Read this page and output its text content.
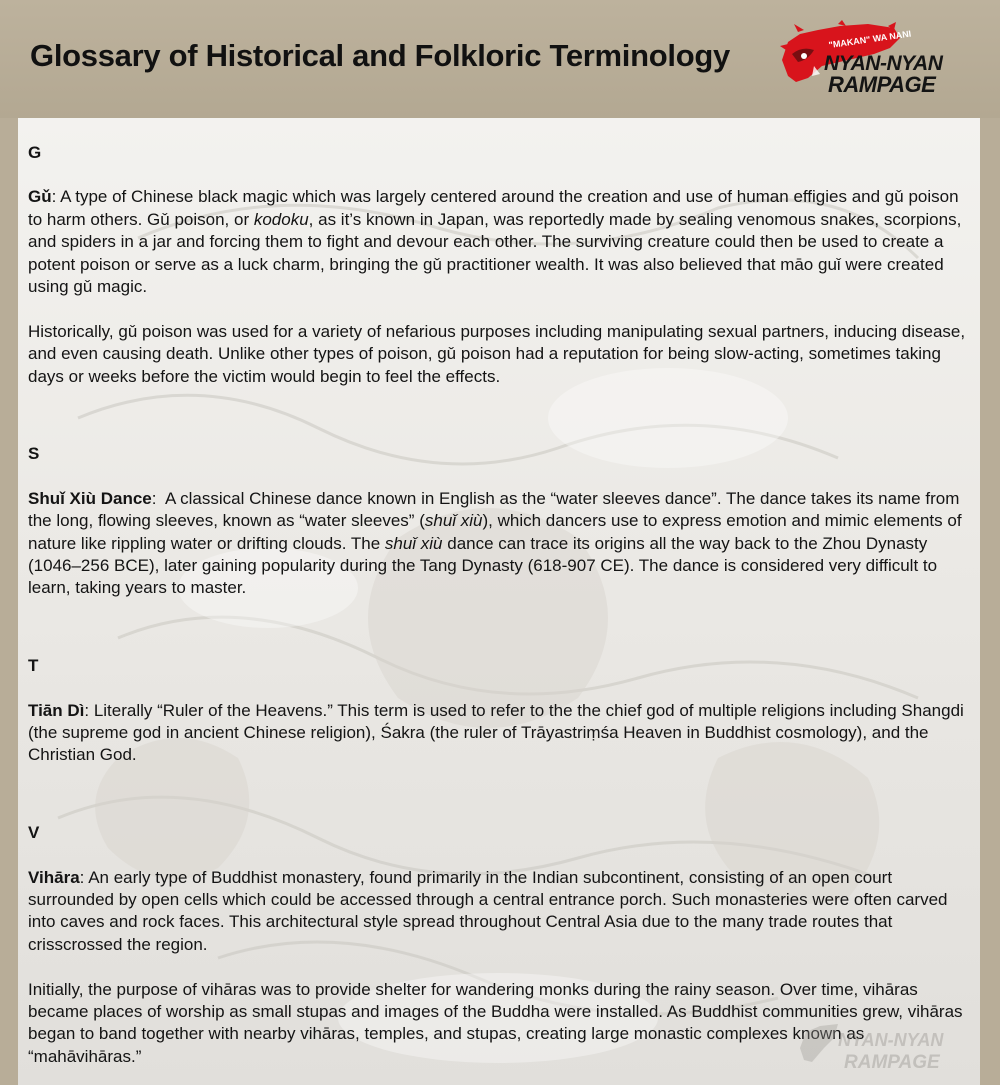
Glossary of Historical and Folkloric Terminology	"MAKAN" WA NANI
NYAN-NYAN
RAMPAGE
G

Gǔ: A type of Chinese black magic which was largely centered around the creation and use of human effigies and gǔ poison to harm others. Gǔ poison, or kodoku, as it’s known in Japan, was reportedly made by sealing venomous snakes, scorpions, and spiders in a jar and forcing them to fight and devour each other. The surviving creature could then be used to create a potent poison or serve as a luck charm, bringing the gǔ practitioner wealth. It was also believed that māo guǐ were created using gǔ magic.

Historically, gǔ poison was used for a variety of nefarious purposes including manipulating sexual partners, inducing disease, and even causing death. Unlike other types of poison, gǔ poison had a reputation for being slow-acting, sometimes taking days or weeks before the victim would begin to feel the effects.

S

Shuǐ Xiù Dance:  A classical Chinese dance known in English as the “water sleeves dance”. The dance takes its name from the long, flowing sleeves, known as “water sleeves” (shuǐ xiù), which dancers use to express emotion and mimic elements of nature like rippling water or drifting clouds. The shuǐ xiù dance can trace its origins all the way back to the Zhou Dynasty (1046–256 BCE), later gaining popularity during the Tang Dynasty (618-907 CE). The dance is considered very difficult to learn, taking years to master.

T

Tiān Dì: Literally “Ruler of the Heavens.” This term is used to refer to the the chief god of multiple religions including Shangdi (the supreme god in ancient Chinese religion), Śakra (the ruler of Trāyastriṃśa Heaven in Buddhist cosmology), and the Christian God.

V

Vihāra: An early type of Buddhist monastery, found primarily in the Indian subcontinent, consisting of an open court surrounded by open cells which could be accessed through a central entrance porch. Such monasteries were often carved into caves and rock faces. This architectural style spread throughout Central Asia due to the many trade routes that crisscrossed the region.

Initially, the purpose of vihāras was to provide shelter for wandering monks during the rainy season. Over time, vihāras became places of worship as small stupas and images of the Buddha were installed. As Buddhist communities grew, vihāras began to band together with nearby vihāras, temples, and stupas, creating large monastic complexes known as “mahāvihāras.”

NYAN-NYAN
RAMPAGE
